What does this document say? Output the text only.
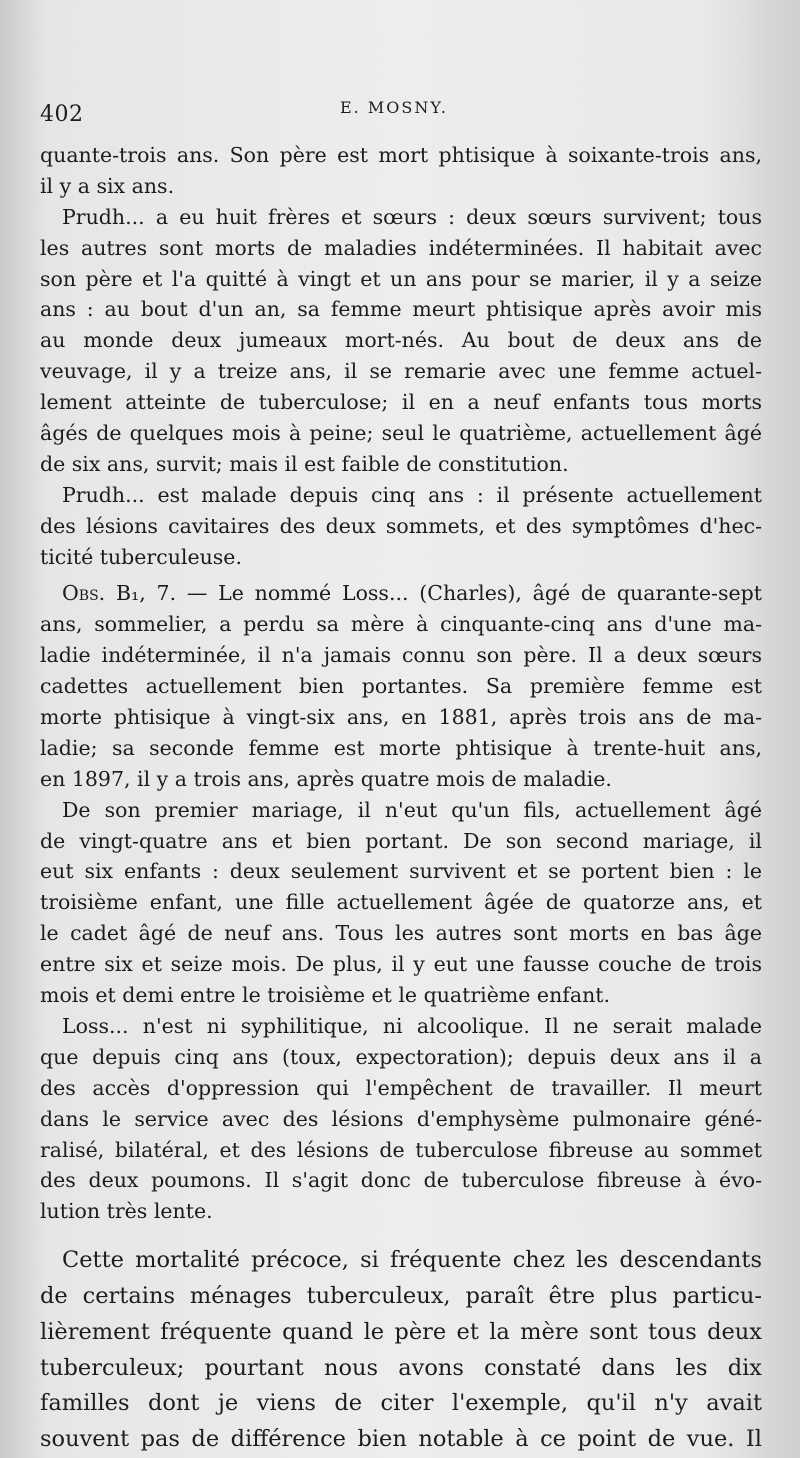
402	E. MOSNY.
quante-trois ans. Son père est mort phtisique à soixante-trois ans,
il y a six ans.
Prudh... a eu huit frères et sœurs : deux sœurs survivent; tous
les autres sont morts de maladies indéterminées. Il habitait avec
son père et l'a quitté à vingt et un ans pour se marier, il y a seize
ans : au bout d'un an, sa femme meurt phtisique après avoir mis
au monde deux jumeaux mort-nés. Au bout de deux ans de
veuvage, il y a treize ans, il se remarie avec une femme actuel-
lement atteinte de tuberculose; il en a neuf enfants tous morts
âgés de quelques mois à peine; seul le quatrième, actuellement âgé
de six ans, survit; mais il est faible de constitution.
Prudh... est malade depuis cinq ans : il présente actuellement
des lésions cavitaires des deux sommets, et des symptômes d'hec-
ticité tuberculeuse.
Obs. B₁, 7. — Le nommé Loss... (Charles), âgé de quarante-sept
ans, sommelier, a perdu sa mère à cinquante-cinq ans d'une ma-
ladie indéterminée, il n'a jamais connu son père. Il a deux sœurs
cadettes actuellement bien portantes. Sa première femme est
morte phtisique à vingt-six ans, en 1881, après trois ans de ma-
ladie; sa seconde femme est morte phtisique à trente-huit ans,
en 1897, il y a trois ans, après quatre mois de maladie.
De son premier mariage, il n'eut qu'un fils, actuellement âgé
de vingt-quatre ans et bien portant. De son second mariage, il
eut six enfants : deux seulement survivent et se portent bien : le
troisième enfant, une fille actuellement âgée de quatorze ans, et
le cadet âgé de neuf ans. Tous les autres sont morts en bas âge
entre six et seize mois. De plus, il y eut une fausse couche de trois
mois et demi entre le troisième et le quatrième enfant.
Loss... n'est ni syphilitique, ni alcoolique. Il ne serait malade
que depuis cinq ans (toux, expectoration); depuis deux ans il a
des accès d'oppression qui l'empêchent de travailler. Il meurt
dans le service avec des lésions d'emphysème pulmonaire géné-
ralisé, bilatéral, et des lésions de tuberculose fibreuse au sommet
des deux poumons. Il s'agit donc de tuberculose fibreuse à évo-
lution très lente.
Cette mortalité précoce, si fréquente chez les descendants
de certains ménages tuberculeux, paraît être plus particu-
lièrement fréquente quand le père et la mère sont tous deux
tuberculeux; pourtant nous avons constaté dans les dix
familles dont je viens de citer l'exemple, qu'il n'y avait
souvent pas de différence bien notable à ce point de vue. Il
